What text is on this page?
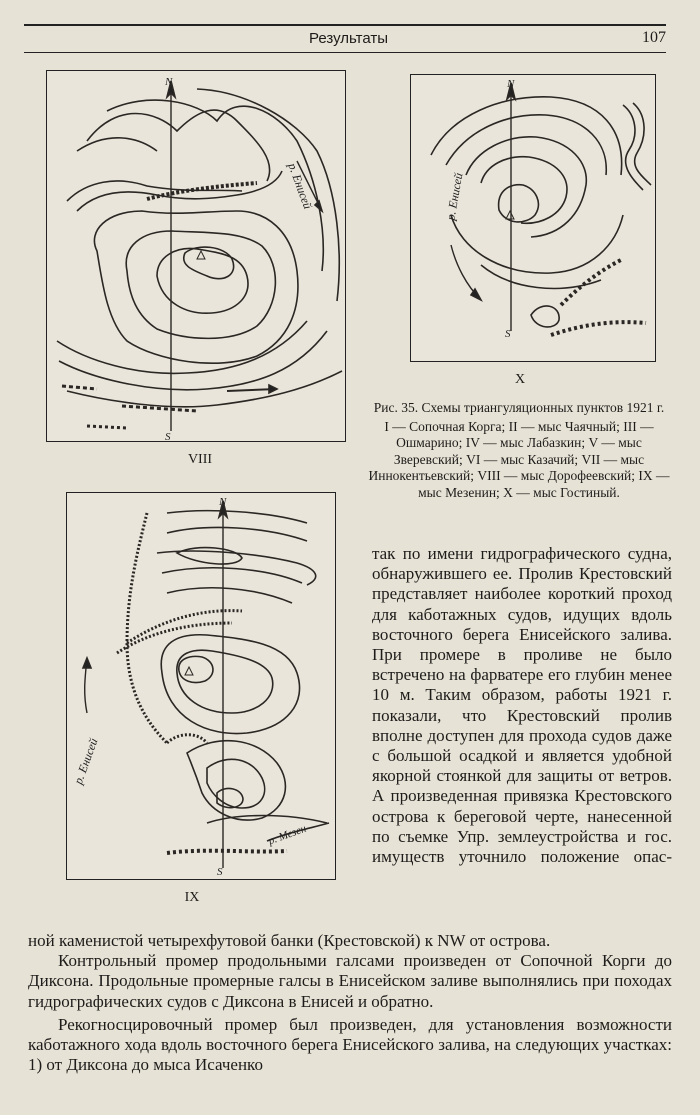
Результаты	107
N
S
р. Енисей
VIII
N
S
р. Енисей
X
Рис. 35. Схемы триангуляционных пунктов 1921 г.
I — Сопочная Корга; II — мыс Чаячный; III — Ошмарино; IV — мыс Лабазкин; V — мыс Зверевский; VI — мыс Казачий; VII — мыс Иннокентьевский; VIII — мыс Дорофеевский; IX — мыс Мезенин; X — мыс Гостиный.
N
S
р. Енисей
р. Мезен
IX

так по имени гидрографического судна, обнаружившего ее. Пролив Крестовский представляет наиболее короткий проход для каботажных судов, идущих вдоль восточного берега Енисейского залива. При промере в проливе не было встречено на фарватере его глубин менее 10 м. Таким образом, работы 1921 г. показали, что Крестовский пролив вполне доступен для прохода судов даже с большой осадкой и является удобной якорной стоянкой для защиты от ветров. А произведенная привязка Крестовского острова к береговой черте, нанесенной по съемке Упр. землеустройства и гос. имуществ уточнило положение опас-

ной каменистой четырехфутовой банки (Крестовской) к NW от острова.

Контрольный промер продольными галсами произведен от Сопочной Корги до Диксона. Продольные промерные галсы в Енисейском заливе выполнялись при походах гидрографических судов с Диксона в Енисей и обратно.

Рекогносцировочный промер был произведен, для установления возможности каботажного хода вдоль восточного берега Енисейского залива, на следующих участках: 1) от Диксона до мыса Исаченко
